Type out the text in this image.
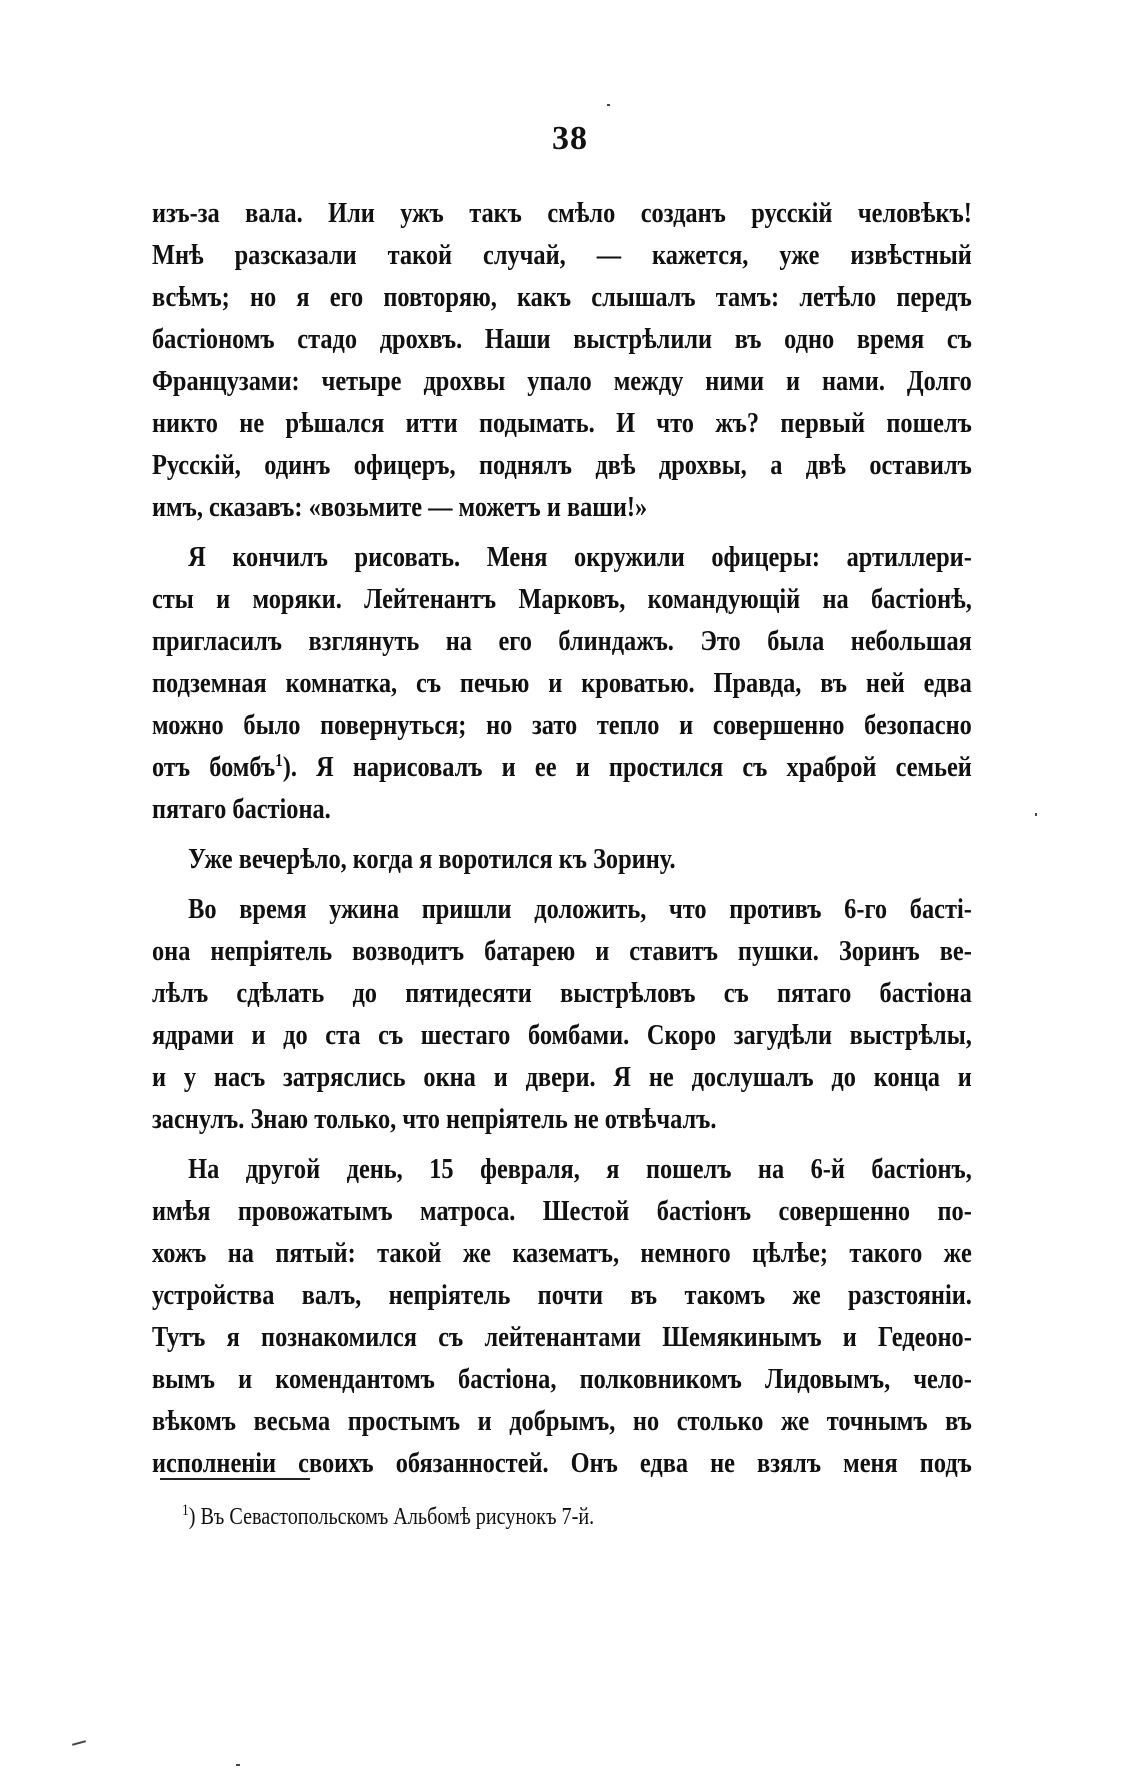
38
изъ-за вала. Или ужъ такъ смѣло созданъ русскій человѣкъ!
Мнѣ разсказали такой случай, — кажется, уже извѣстный
всѣмъ; но я его повторяю, какъ слышалъ тамъ: летѣло передъ
бастіономъ стадо дрохвъ. Наши выстрѣлили въ одно время съ
Французами: четыре дрохвы упало между ними и нами. Долго
никто не рѣшался итти подымать. И что жъ? первый пошелъ
Русскій, одинъ офицеръ, поднялъ двѣ дрохвы, а двѣ оставилъ
имъ, сказавъ: «возьмите — можетъ и ваши!»
Я кончилъ рисовать. Меня окружили офицеры: артиллери-
сты и моряки. Лейтенантъ Марковъ, командующій на бастіонѣ,
пригласилъ взглянуть на его блиндажъ. Это была небольшая
подземная комнатка, съ печью и кроватью. Правда, въ ней едва
можно было повернуться; но зато тепло и совершенно безопасно
отъ бомбъ$^1$). Я нарисовалъ и ее и простился съ храброй семьей
пятаго бастіона.
Уже вечерѣло, когда я воротился къ Зорину.
Во время ужина пришли доложить, что противъ 6-го басті-
она непріятель возводитъ батарею и ставитъ пушки. Зоринъ ве-
лѣлъ сдѣлать до пятидесяти выстрѣловъ съ пятаго бастіона
ядрами и до ста съ шестаго бомбами. Скоро загудѣли выстрѣлы,
и у насъ затряслись окна и двери. Я не дослушалъ до конца и
заснулъ. Знаю только, что непріятель не отвѣчалъ.
На другой день, 15 февраля, я пошелъ на 6-й бастіонъ,
имѣя провожатымъ матроса. Шестой бастіонъ совершенно по-
хожъ на пятый: такой же казематъ, немного цѣлѣе; такого же
устройства валъ, непріятель почти въ такомъ же разстояніи.
Тутъ я познакомился съ лейтенантами Шемякинымъ и Гедеоно-
вымъ и комендантомъ бастіона, полковникомъ Лидовымъ, чело-
вѣкомъ весьма простымъ и добрымъ, но столько же точнымъ въ
исполненіи своихъ обязанностей. Онъ едва не взялъ меня подъ
$^1$) Въ Севастопольскомъ Альбомѣ рисунокъ 7-й.
